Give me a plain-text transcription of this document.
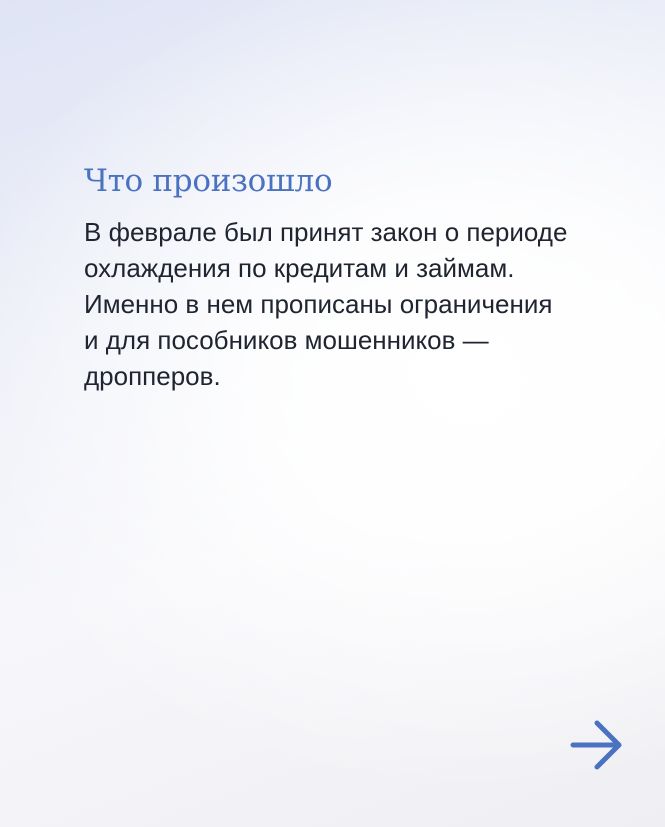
Что произошло

В феврале был принят закон о периоде
охлаждения по кредитам и займам.
Именно в нем прописаны ограничения
и для пособников мошенников —
дропперов.
